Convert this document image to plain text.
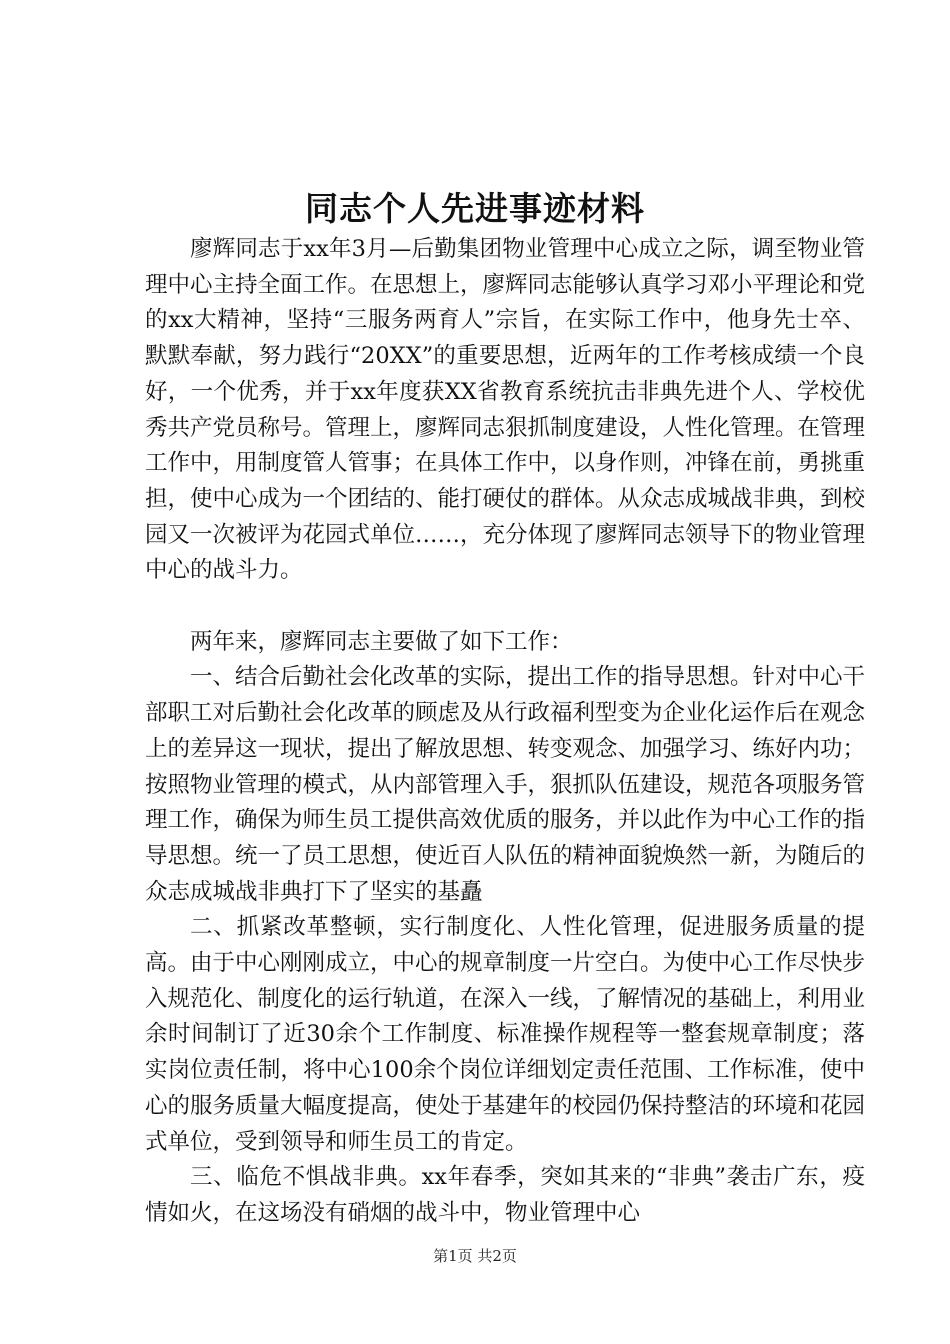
同志个人先进事迹材料

廖辉同志于xx年3月—后勤集团物业管理中心成立之际，调至物业管理中心主持全面工作。在思想上，廖辉同志能够认真学习邓小平理论和党的xx大精神，坚持“三服务两育人”宗旨，在实际工作中，他身先士卒、默默奉献，努力践行“20XX”的重要思想，近两年的工作考核成绩一个良好，一个优秀，并于xx年度获XX省教育系统抗击非典先进个人、学校优秀共产党员称号。管理上，廖辉同志狠抓制度建设，人性化管理。在管理工作中，用制度管人管事；在具体工作中，以身作则，冲锋在前，勇挑重担，使中心成为一个团结的、能打硬仗的群体。从众志成城战非典，到校园又一次被评为花园式单位……，充分体现了廖辉同志领导下的物业管理中心的战斗力。

两年来，廖辉同志主要做了如下工作：

一、结合后勤社会化改革的实际，提出工作的指导思想。针对中心干部职工对后勤社会化改革的顾虑及从行政福利型变为企业化运作后在观念上的差异这一现状，提出了解放思想、转变观念、加强学习、练好内功；按照物业管理的模式，从内部管理入手，狠抓队伍建设，规范各项服务管理工作，确保为师生员工提供高效优质的服务，并以此作为中心工作的指导思想。统一了员工思想，使近百人队伍的精神面貌焕然一新，为随后的众志成城战非典打下了坚实的基矗

二、抓紧改革整顿，实行制度化、人性化管理，促进服务质量的提高。由于中心刚刚成立，中心的规章制度一片空白。为使中心工作尽快步入规范化、制度化的运行轨道，在深入一线，了解情况的基础上，利用业余时间制订了近30余个工作制度、标准操作规程等一整套规章制度；落实岗位责任制，将中心100余个岗位详细划定责任范围、工作标准，使中心的服务质量大幅度提高，使处于基建年的校园仍保持整洁的环境和花园式单位，受到领导和师生员工的肯定。

三、临危不惧战非典。xx年春季，突如其来的“非典”袭击广东，疫情如火，在这场没有硝烟的战斗中，物业管理中心

第1页 共2页
